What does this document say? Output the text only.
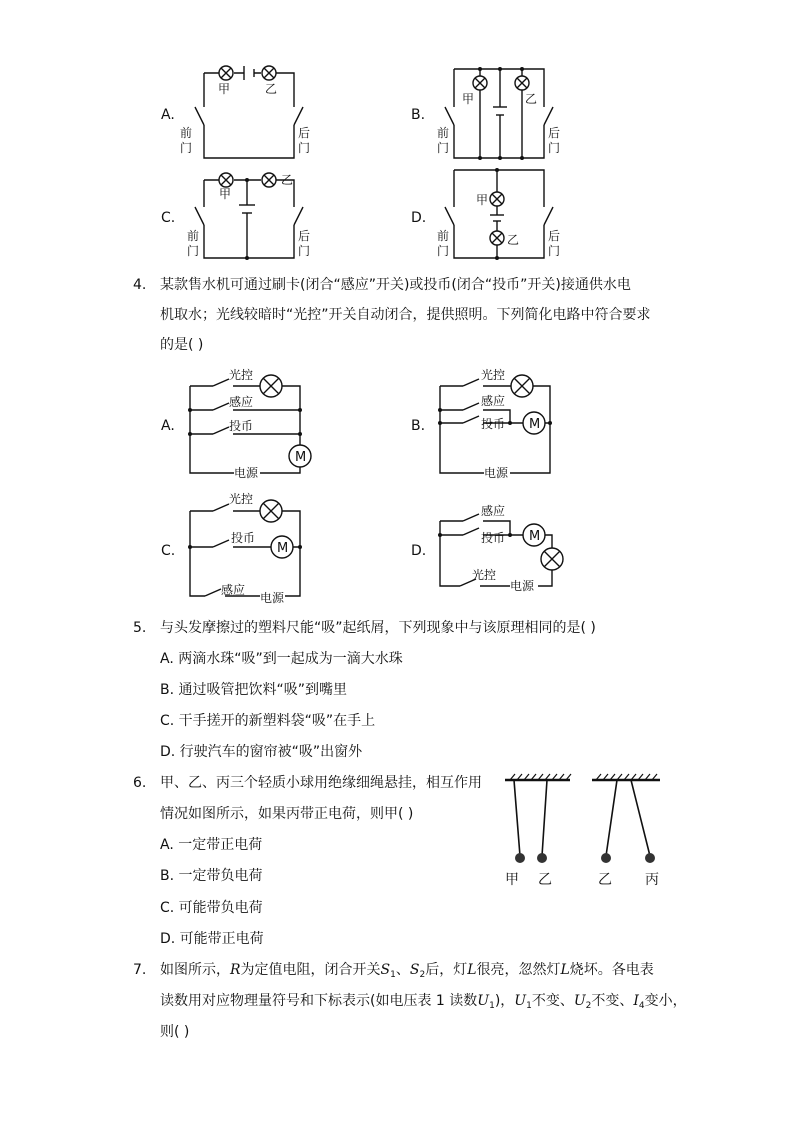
A.
甲	乙
前门
后门
B.
甲	乙
前门
后门
C.
甲
乙
前门
后门
D.
甲
乙
前门
后门
4. 某款售水机可通过刷卡(闭合“感应”开关)或投币(闭合“投币”开关)接通供水电
机取水；光线较暗时“光控”开关自动闭合，提供照明。下列简化电路中符合要求
的是( )
A.
M
光控
感应
投币
电源
B.	M
光控
感应
投币
电源
C.	M
光控
投币
感应
电源
D.
M
感应
投币
光控
电源
5. 与头发摩擦过的塑料尺能“吸”起纸屑，下列现象中与该原理相同的是( )
A. 两滴水珠“吸”到一起成为一滴大水珠
B. 通过吸管把饮料“吸”到嘴里
C. 干手搓开的新塑料袋“吸”在手上
D. 行驶汽车的窗帘被“吸”出窗外
6. 甲、乙、丙三个轻质小球用绝缘细绳悬挂，相互作用
情况如图所示，如果丙带正电荷，则甲( )
A. 一定带正电荷
B. 一定带负电荷
C. 可能带负电荷
D. 可能带正电荷
甲 乙	乙 丙
7. 如图所示，R为定值电阻，闭合开关$S_1$、$S_2$后，灯L很亮，忽然灯L烧坏。各电表
读数用对应物理量符号和下标表示(如电压表 1 读数$U_1$)，$U_1$不变、$U_2$不变、$I_4$变小，
则( )
